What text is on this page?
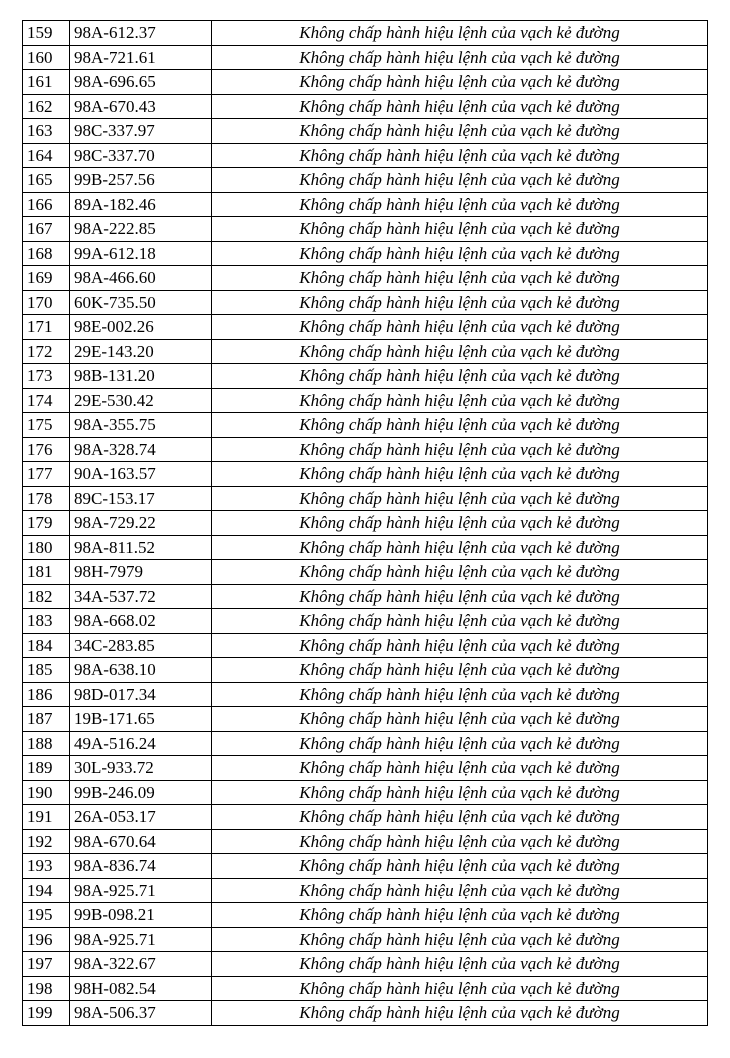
159	98A-612.37	Không chấp hành hiệu lệnh của vạch kẻ đường
160	98A-721.61	Không chấp hành hiệu lệnh của vạch kẻ đường
161	98A-696.65	Không chấp hành hiệu lệnh của vạch kẻ đường
162	98A-670.43	Không chấp hành hiệu lệnh của vạch kẻ đường
163	98C-337.97	Không chấp hành hiệu lệnh của vạch kẻ đường
164	98C-337.70	Không chấp hành hiệu lệnh của vạch kẻ đường
165	99B-257.56	Không chấp hành hiệu lệnh của vạch kẻ đường
166	89A-182.46	Không chấp hành hiệu lệnh của vạch kẻ đường
167	98A-222.85	Không chấp hành hiệu lệnh của vạch kẻ đường
168	99A-612.18	Không chấp hành hiệu lệnh của vạch kẻ đường
169	98A-466.60	Không chấp hành hiệu lệnh của vạch kẻ đường
170	60K-735.50	Không chấp hành hiệu lệnh của vạch kẻ đường
171	98E-002.26	Không chấp hành hiệu lệnh của vạch kẻ đường
172	29E-143.20	Không chấp hành hiệu lệnh của vạch kẻ đường
173	98B-131.20	Không chấp hành hiệu lệnh của vạch kẻ đường
174	29E-530.42	Không chấp hành hiệu lệnh của vạch kẻ đường
175	98A-355.75	Không chấp hành hiệu lệnh của vạch kẻ đường
176	98A-328.74	Không chấp hành hiệu lệnh của vạch kẻ đường
177	90A-163.57	Không chấp hành hiệu lệnh của vạch kẻ đường
178	89C-153.17	Không chấp hành hiệu lệnh của vạch kẻ đường
179	98A-729.22	Không chấp hành hiệu lệnh của vạch kẻ đường
180	98A-811.52	Không chấp hành hiệu lệnh của vạch kẻ đường
181	98H-7979	Không chấp hành hiệu lệnh của vạch kẻ đường
182	34A-537.72	Không chấp hành hiệu lệnh của vạch kẻ đường
183	98A-668.02	Không chấp hành hiệu lệnh của vạch kẻ đường
184	34C-283.85	Không chấp hành hiệu lệnh của vạch kẻ đường
185	98A-638.10	Không chấp hành hiệu lệnh của vạch kẻ đường
186	98D-017.34	Không chấp hành hiệu lệnh của vạch kẻ đường
187	19B-171.65	Không chấp hành hiệu lệnh của vạch kẻ đường
188	49A-516.24	Không chấp hành hiệu lệnh của vạch kẻ đường
189	30L-933.72	Không chấp hành hiệu lệnh của vạch kẻ đường
190	99B-246.09	Không chấp hành hiệu lệnh của vạch kẻ đường
191	26A-053.17	Không chấp hành hiệu lệnh của vạch kẻ đường
192	98A-670.64	Không chấp hành hiệu lệnh của vạch kẻ đường
193	98A-836.74	Không chấp hành hiệu lệnh của vạch kẻ đường
194	98A-925.71	Không chấp hành hiệu lệnh của vạch kẻ đường
195	99B-098.21	Không chấp hành hiệu lệnh của vạch kẻ đường
196	98A-925.71	Không chấp hành hiệu lệnh của vạch kẻ đường
197	98A-322.67	Không chấp hành hiệu lệnh của vạch kẻ đường
198	98H-082.54	Không chấp hành hiệu lệnh của vạch kẻ đường
199	98A-506.37	Không chấp hành hiệu lệnh của vạch kẻ đường
